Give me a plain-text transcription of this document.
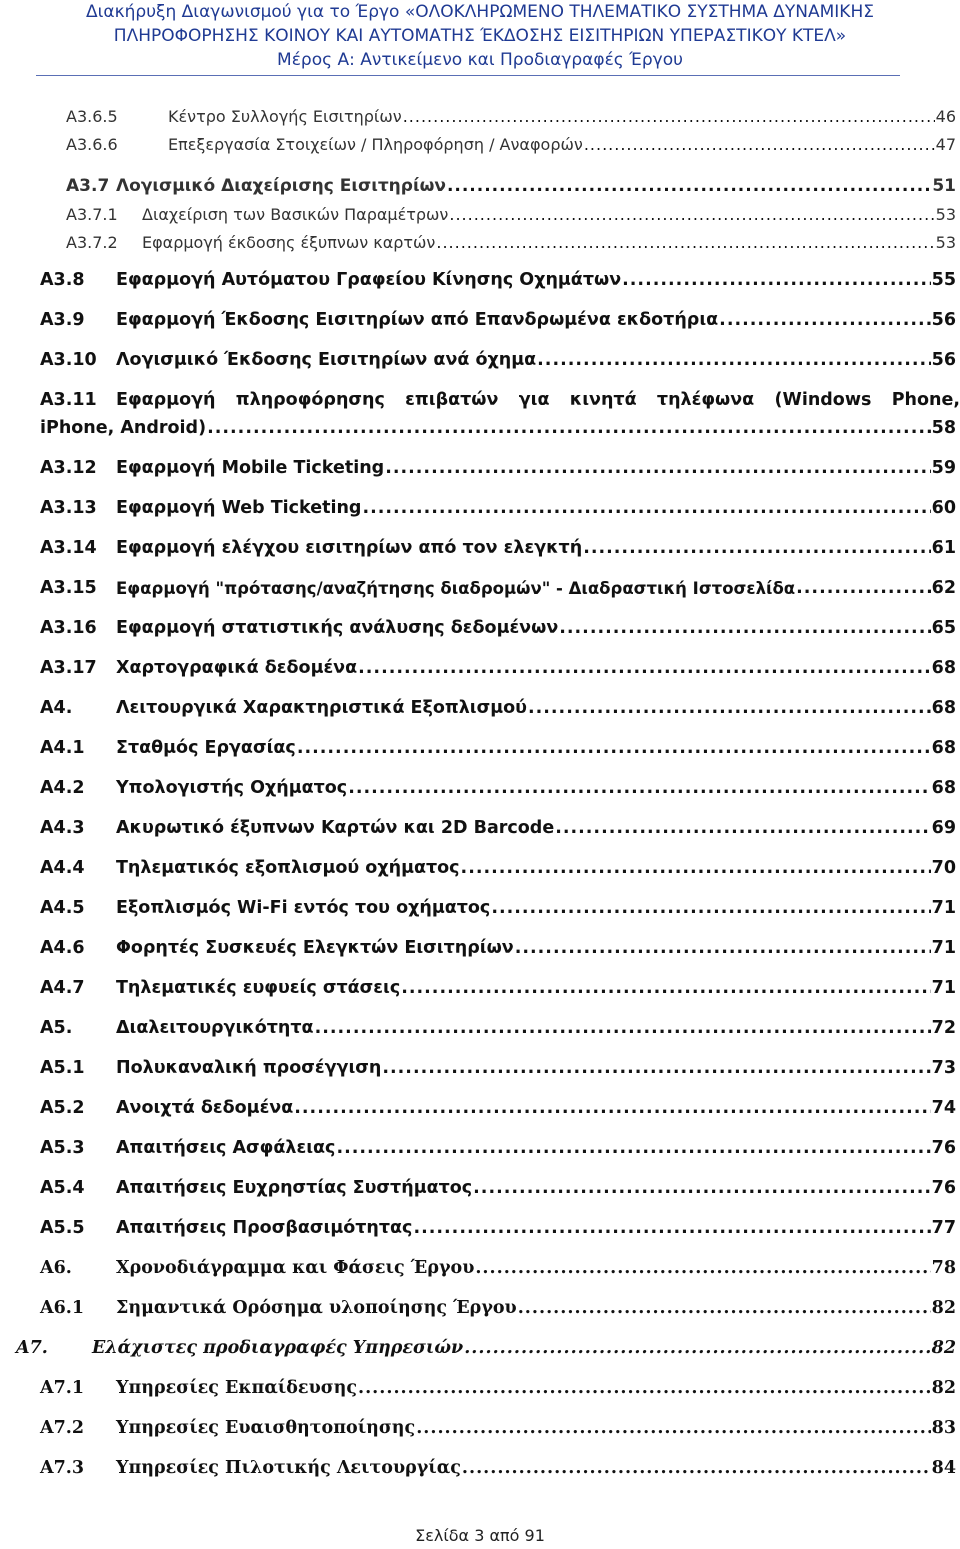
Διακήρυξη Διαγωνισμού για το Έργο «ΟΛΟΚΛΗΡΩΜΕΝΟ ΤΗΛΕΜΑΤΙΚΟ ΣΥΣΤΗΜΑ ΔΥΝΑΜΙΚΗΣ
ΠΛΗΡΟΦΟΡΗΣΗΣ ΚΟΙΝΟΥ ΚΑΙ ΑΥΤΟΜΑΤΗΣ ΈΚΔΟΣΗΣ ΕΙΣΙΤΗΡΙΩΝ ΥΠΕΡΑΣΤΙΚΟΥ ΚΤΕΛ»
Μέρος Α: Αντικείμενο και Προδιαγραφές Έργου
A3.6.5	Κέντρο Συλλογής Εισιτηρίων .....	46
A3.6.6	Επεξεργασία Στοιχείων / Πληροφόρηση / Αναφορών .....	47
A3.7 Λογισμικό Διαχείρισης Εισιτηρίων .....	51
A3.7.1	Διαχείριση των Βασικών Παραμέτρων .....	53
A3.7.2	Εφαρμογή έκδοσης έξυπνων καρτών .....	53
A3.8	Εφαρμογή Αυτόματου Γραφείου Κίνησης Οχημάτων .....	55
A3.9	Εφαρμογή Έκδοσης Εισιτηρίων από Επανδρωμένα εκδοτήρια .....	56
A3.10	Λογισμικό Έκδοσης Εισιτηρίων ανά όχημα .....	56
A3.11	Εφαρμογή πληροφόρησης επιβατών για κινητά τηλέφωνα (Windows Phone,
iPhone, Android) .....	58
A3.12	Εφαρμογή Mobile Ticketing .....	59
A3.13	Εφαρμογή Web Ticketing .....	60
A3.14	Εφαρμογή ελέγχου εισιτηρίων από τον ελεγκτή .....	61
A3.15	Εφαρμογή "πρότασης/αναζήτησης διαδρομών" - Διαδραστική Ιστοσελίδα .....	62
A3.16	Εφαρμογή στατιστικής ανάλυσης δεδομένων .....	65
A3.17	Χαρτογραφικά δεδομένα .....	68
A4.	Λειτουργικά Χαρακτηριστικά Εξοπλισμού .....	68
A4.1	Σταθμός Εργασίας .....	68
A4.2	Υπολογιστής Οχήματος .....	68
A4.3	Ακυρωτικό έξυπνων Καρτών και 2D Barcode .....	69
A4.4	Τηλεματικός εξοπλισμού οχήματος .....	70
A4.5	Εξοπλισμός Wi-Fi εντός του οχήματος .....	71
A4.6	Φορητές Συσκευές Ελεγκτών Εισιτηρίων .....	71
A4.7	Τηλεματικές ευφυείς στάσεις .....	71
A5.	Διαλειτουργικότητα .....	72
A5.1	Πολυκαναλική προσέγγιση .....	73
A5.2	Ανοιχτά δεδομένα .....	74
A5.3	Απαιτήσεις Ασφάλειας .....	76
A5.4	Απαιτήσεις Ευχρηστίας Συστήματος .....	76
A5.5	Απαιτήσεις Προσβασιμότητας .....	77
A6.	Χρονοδιάγραμμα και Φάσεις Έργου .....	78
A6.1	Σημαντικά Ορόσημα υλοποίησης Έργου .....	82
A7.	Ελάχιστες προδιαγραφές Υπηρεσιών .....	82
A7.1	Υπηρεσίες Εκπαίδευσης .....	82
A7.2	Υπηρεσίες Ευαισθητοποίησης .....	83
A7.3	Υπηρεσίες Πιλοτικής Λειτουργίας .....	84
Σελίδα 3 από 91
